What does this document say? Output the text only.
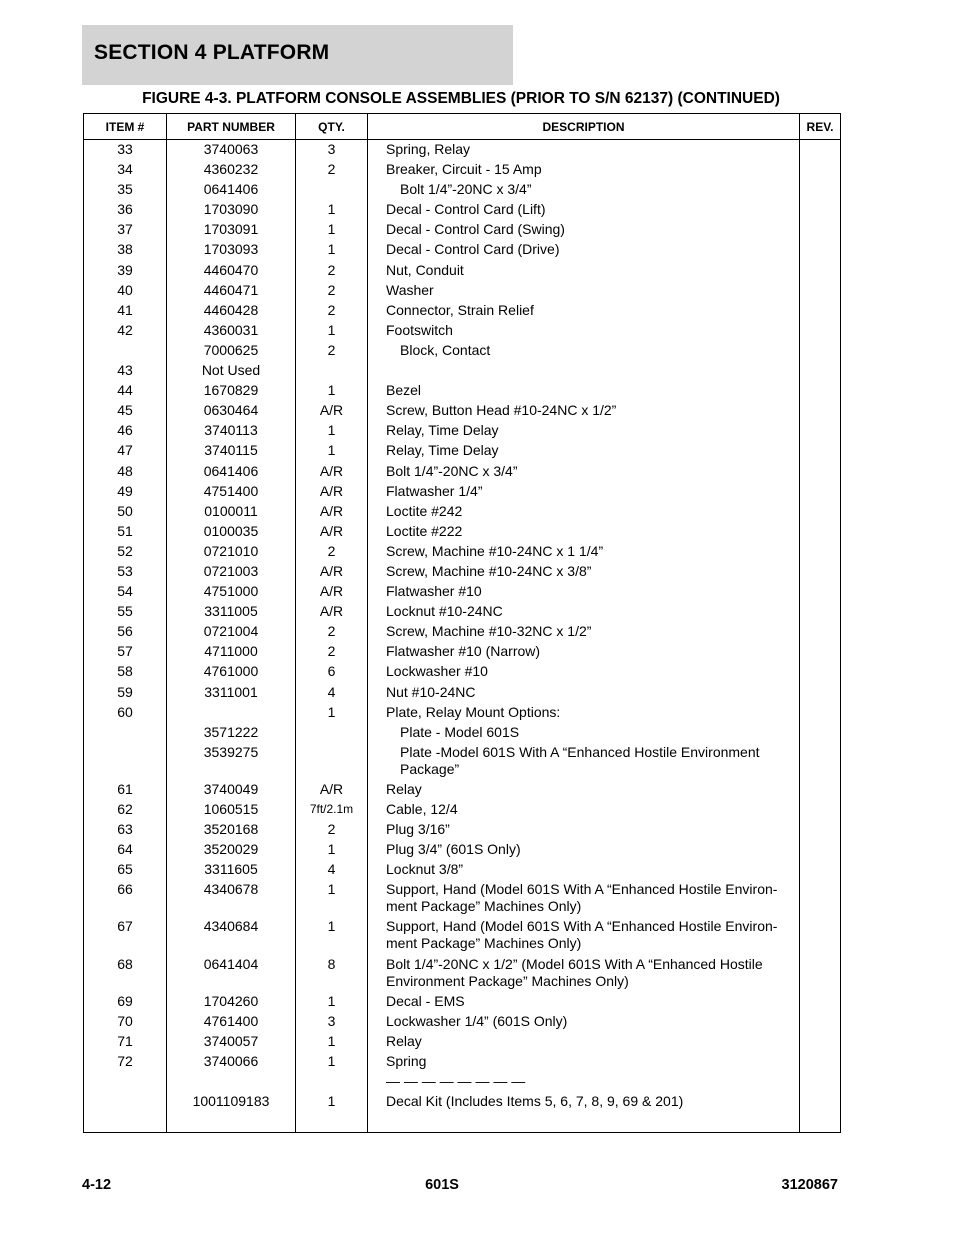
SECTION 4 PLATFORM
FIGURE 4-3. PLATFORM CONSOLE ASSEMBLIES (PRIOR TO S/N 62137) (CONTINUED)
ITEM #	PART NUMBER	QTY.	DESCRIPTION	REV.
33	3740063	3	Spring, Relay	
34	4360232	2	Breaker, Circuit - 15 Amp	
35	0641406		Bolt 1/4”-20NC x 3/4”	
36	1703090	1	Decal - Control Card (Lift)	
37	1703091	1	Decal - Control Card (Swing)	
38	1703093	1	Decal - Control Card (Drive)	
39	4460470	2	Nut, Conduit	
40	4460471	2	Washer	
41	4460428	2	Connector, Strain Relief	
42	4360031	1	Footswitch	
	7000625	2	Block, Contact	
43	Not Used			
44	1670829	1	Bezel	
45	0630464	A/R	Screw, Button Head #10-24NC x 1/2”	
46	3740113	1	Relay, Time Delay	
47	3740115	1	Relay, Time Delay	
48	0641406	A/R	Bolt 1/4”-20NC x 3/4”	
49	4751400	A/R	Flatwasher 1/4”	
50	0100011	A/R	Loctite #242	
51	0100035	A/R	Loctite #222	
52	0721010	2	Screw, Machine #10-24NC x 1 1/4”	
53	0721003	A/R	Screw, Machine #10-24NC x 3/8”	
54	4751000	A/R	Flatwasher #10	
55	3311005	A/R	Locknut #10-24NC	
56	0721004	2	Screw, Machine #10-32NC x 1/2”	
57	4711000	2	Flatwasher #10 (Narrow)	
58	4761000	6	Lockwasher #10	
59	3311001	4	Nut #10-24NC	
60		1	Plate, Relay Mount Options:	
	3571222		Plate - Model 601S	
	3539275		Plate -Model 601S With A “Enhanced Hostile Environment Package”	
61	3740049	A/R	Relay	
62	1060515	7ft/2.1m	Cable, 12/4	
63	3520168	2	Plug 3/16”	
64	3520029	1	Plug 3/4” (601S Only)	
65	3311605	4	Locknut 3/8”	
66	4340678	1	Support, Hand (Model 601S With A “Enhanced Hostile Environ-ment Package” Machines Only)	
67	4340684	1	Support, Hand (Model 601S With A “Enhanced Hostile Environ-ment Package” Machines Only)	
68	0641404	8	Bolt 1/4”-20NC x 1/2” (Model 601S With A “Enhanced Hostile Environment Package” Machines Only)	
69	1704260	1	Decal - EMS	
70	4761400	3	Lockwasher 1/4” (601S Only)	
71	3740057	1	Relay	
72	3740066	1	Spring	
			— — — — — — — —	
	1001109183	1	Decal Kit (Includes Items 5, 6, 7, 8, 9, 69 & 201)	

4-12	601S	3120867
